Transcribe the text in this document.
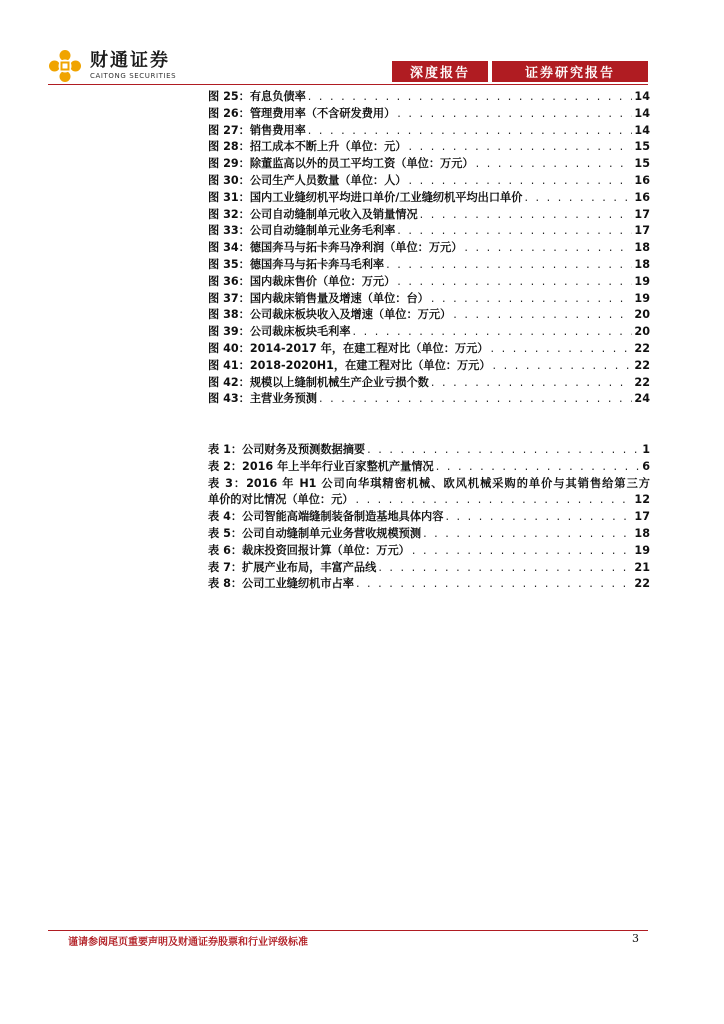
财通证券
CAITONG SECURITIES	深度报告	证券研究报告
图 25：有息负债率 . . .	14
图 26：管理费用率（不含研发费用） . . .	14
图 27：销售费用率 . . .	14
图 28：招工成本不断上升（单位：元） . . .	15
图 29：除董监高以外的员工平均工资（单位：万元） . . .	15
图 30：公司生产人员数量（单位：人） . . .	16
图 31：国内工业缝纫机平均进口单价/工业缝纫机平均出口单价 . . .	16
图 32：公司自动缝制单元收入及销量情况 . . .	17
图 33：公司自动缝制单元业务毛利率 . . .	17
图 34：德国奔马与拓卡奔马净利润（单位：万元） . . .	18
图 35：德国奔马与拓卡奔马毛利率 . . .	18
图 36：国内裁床售价（单位：万元） . . .	19
图 37：国内裁床销售量及增速（单位：台） . . .	19
图 38：公司裁床板块收入及增速（单位：万元） . . .	20
图 39：公司裁床板块毛利率 . . .	20
图 40：2014-2017 年，在建工程对比（单位：万元） . . .	22
图 41：2018-2020H1，在建工程对比（单位：万元） . . .	22
图 42：规模以上缝制机械生产企业亏损个数 . . .	22
图 43：主营业务预测 . . .	24
表 1：公司财务及预测数据摘要 . . .	1
表 2：2016 年上半年行业百家整机产量情况 . . .	6
表 3：2016 年 H1 公司向华琪精密机械、欧风机械采购的单价与其销售给第三方
单价的对比情况（单位：元） . . .	12
表 4：公司智能高端缝制装备制造基地具体内容 . . .	17
表 5：公司自动缝制单元业务营收规模预测 . . .	18
表 6：裁床投资回报计算（单位：万元） . . .	19
表 7：扩展产业布局，丰富产品线 . . .	21
表 8：公司工业缝纫机市占率 . . .	22
谨请参阅尾页重要声明及财通证券股票和行业评级标准	3
